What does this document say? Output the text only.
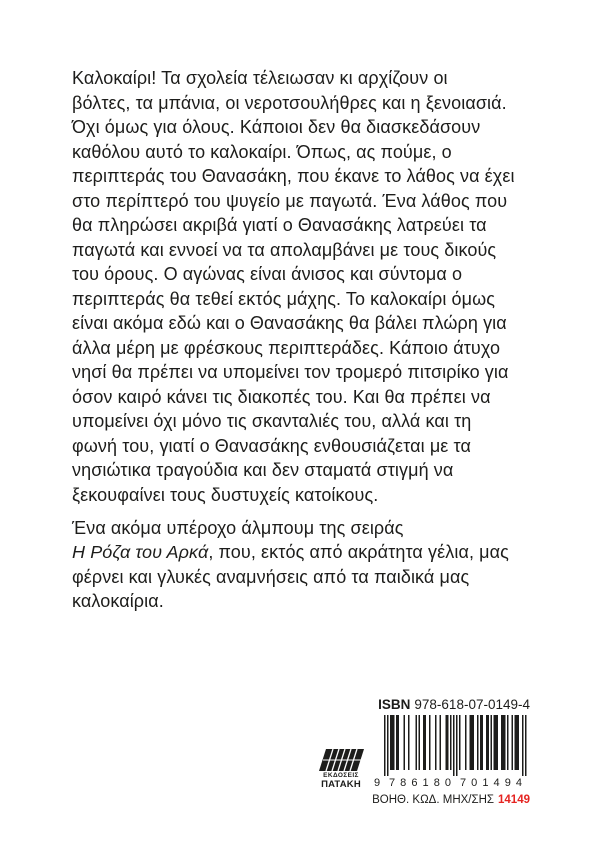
Καλοκαίρι! Τα σχολεία τέλειωσαν κι αρχίζουν οι
βόλτες, τα μπάνια, οι νεροτσουλήθρες και η ξενοιασιά.
Όχι όμως για όλους. Κάποιοι δεν θα διασκεδάσουν
καθόλου αυτό το καλοκαίρι. Όπως, ας πούμε, ο
περιπτεράς του Θανασάκη, που έκανε το λάθος να έχει
στο περίπτερό του ψυγείο με παγωτά. Ένα λάθος που
θα πληρώσει ακριβά γιατί ο Θανασάκης λατρεύει τα
παγωτά και εννοεί να τα απολαμβάνει με τους δικούς
του όρους. Ο αγώνας είναι άνισος και σύντομα ο
περιπτεράς θα τεθεί εκτός μάχης. Το καλοκαίρι όμως
είναι ακόμα εδώ και ο Θανασάκης θα βάλει πλώρη για
άλλα μέρη με φρέσκους περιπτεράδες. Κάποιο άτυχο
νησί θα πρέπει να υπομείνει τον τρομερό πιτσιρίκο για
όσον καιρό κάνει τις διακοπές του. Και θα πρέπει να
υπομείνει όχι μόνο τις σκανταλιές του, αλλά και τη
φωνή του, γιατί ο Θανασάκης ενθουσιάζεται με τα
νησιώτικα τραγούδια και δεν σταματά στιγμή να
ξεκουφαίνει τους δυστυχείς κατοίκους.
Ένα ακόμα υπέροχο άλμπουμ της σειράς
Η Ρόζα του Αρκά, που, εκτός από ακράτητα γέλια, μας
φέρνει και γλυκές αναμνήσεις από τα παιδικά μας
καλοκαίρια.
ISBN 978-618-07-0149-4
9 786180 701494
ΕΚΔΟΣΕΙΣ
ΠΑΤΑΚΗ
ΒΟΗΘ. ΚΩΔ. ΜΗΧ/ΣΗΣ 14149
